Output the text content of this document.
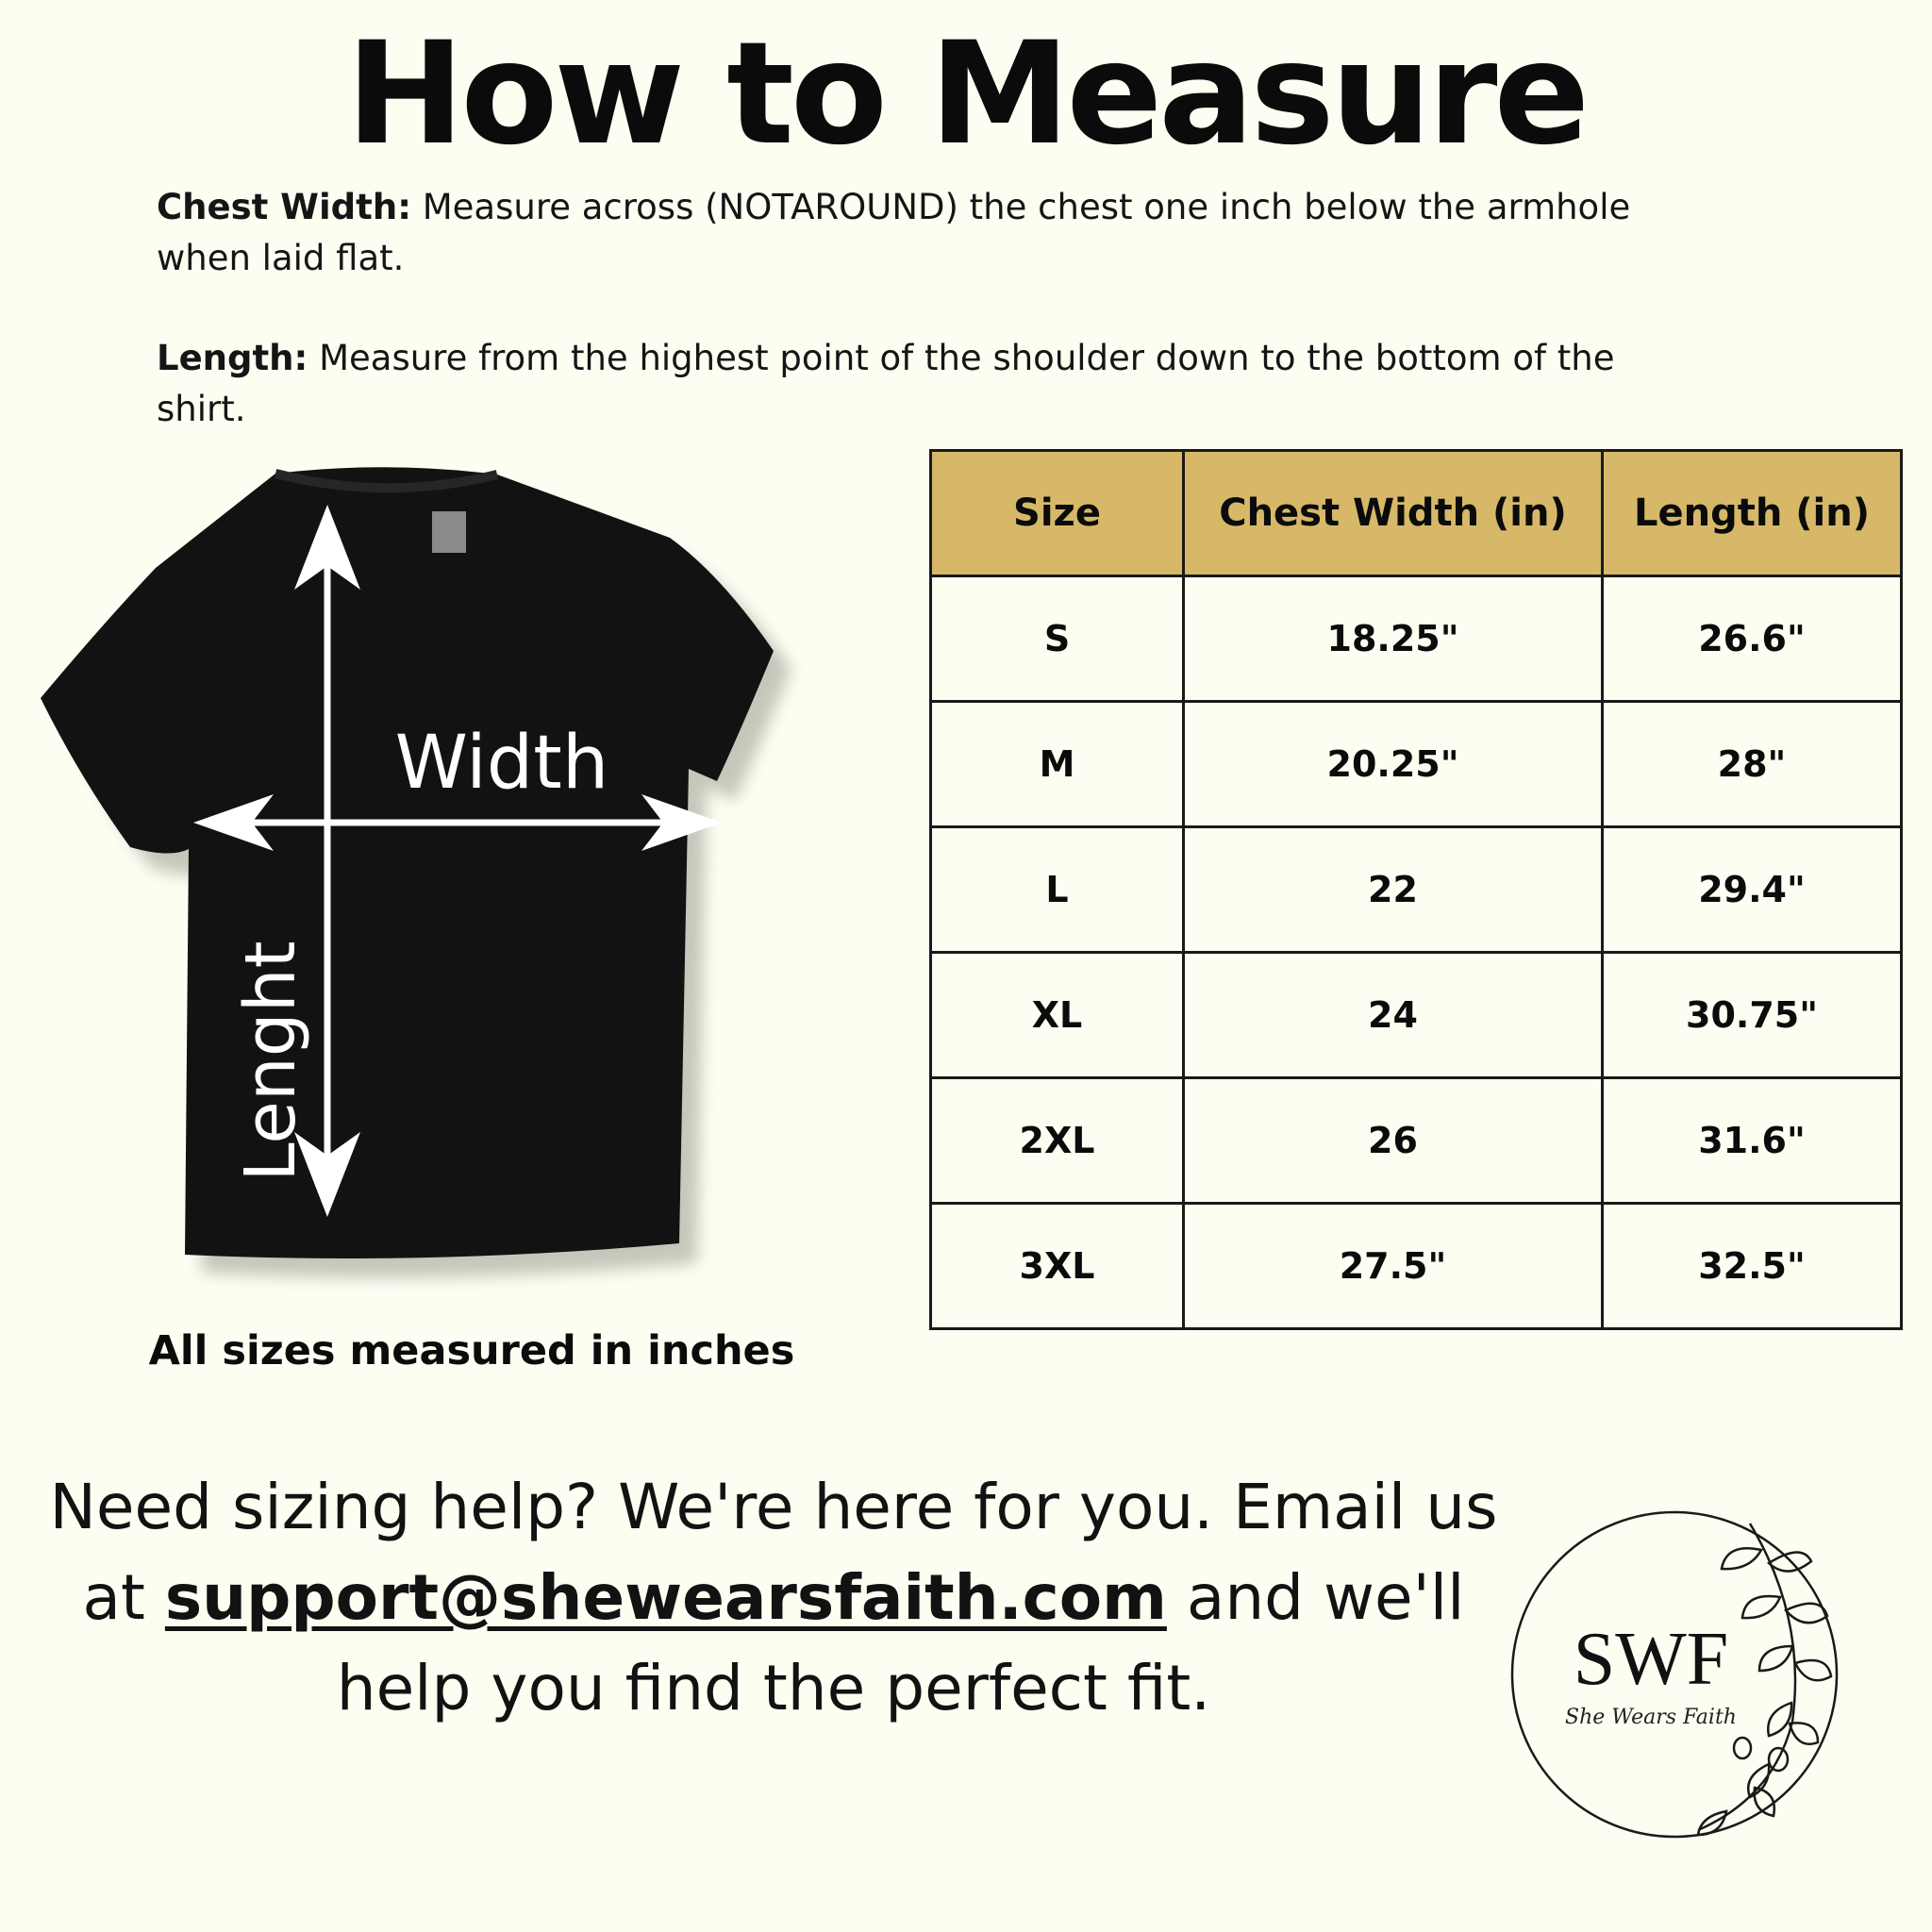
How to Measure
Chest Width: Measure across (NOTAROUND) the chest one inch below the armhole when laid flat.
Length: Measure from the highest point of the shoulder down to the bottom of the shirt.
Width
Lenght
All sizes measured in inches
Size	Chest Width (in)	Length (in)
S	18.25"	26.6"
M	20.25"	28"
L	22	29.4"
XL	24	30.75"
2XL	26	31.6"
3XL	27.5"	32.5"
Need sizing help? We're here for you. Email us at support@shewearsfaith.com and we'll help you find the perfect fit.	SWF
She Wears Faith
